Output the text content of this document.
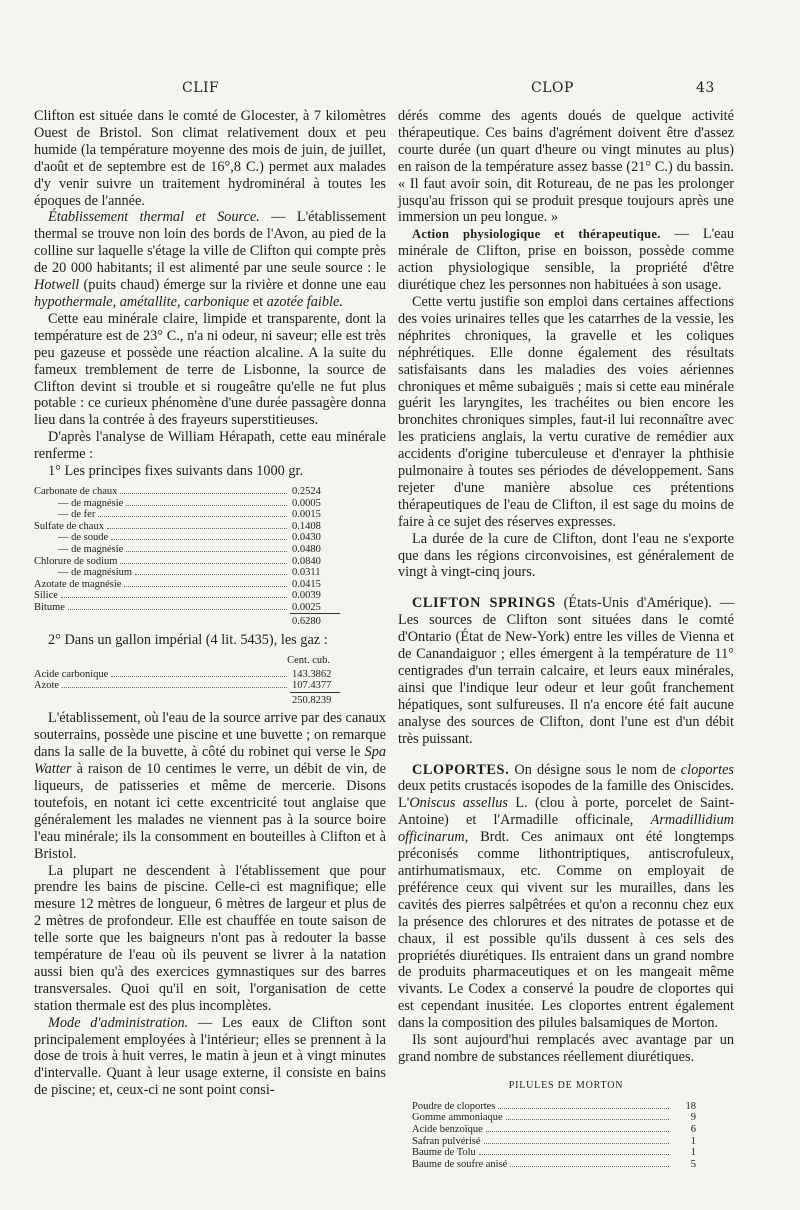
CLIF	CLOP	43

Clifton est située dans le comté de Glocester, à 7 kilomètres Ouest de Bristol. Son climat relativement doux et peu humide (la température moyenne des mois de juin, de juillet, d'août et de septembre est de 16°,8 C.) permet aux malades d'y venir suivre un traitement hydrominéral à toutes les époques de l'année.

Établissement thermal et Source. — L'établissement thermal se trouve non loin des bords de l'Avon, au pied de la colline sur laquelle s'étage la ville de Clifton qui compte près de 20 000 habitants; il est alimenté par une seule source : le Hotwell (puits chaud) émerge sur la rivière et donne une eau hypothermale, amétallite, carbonique et azotée faible.

Cette eau minérale claire, limpide et transparente, dont la température est de 23° C., n'a ni odeur, ni saveur; elle est très peu gazeuse et possède une réaction alcaline. A la suite du fameux tremblement de terre de Lisbonne, la source de Clifton devint si trouble et si rougeâtre qu'elle ne fut plus potable : ce curieux phénomène d'une durée passagère donna lieu dans la contrée à des frayeurs superstitieuses.

D'après l'analyse de William Hérapath, cette eau minérale renferme :

1° Les principes fixes suivants dans 1000 gr.

Carbonate de chaux	0.2524
— de magnésie	0.0005
— de fer	0.0015
Sulfate de chaux	0.1408
— de soude	0.0430
— de magnésie	0.0480
Chlorure de sodium	0.0840
— de magnésium	0.0311
Azotate de magnésie	0.0415
Silice	0.0039
Bitume	0.0025
0.6280

2° Dans un gallon impérial (4 lit. 5435), les gaz :

Cent. cub.
Acide carbonique	143.3862
Azote	107.4377
250.8239

L'établissement, où l'eau de la source arrive par des canaux souterrains, possède une piscine et une buvette ; on remarque dans la salle de la buvette, à côté du robinet qui verse le Spa Watter à raison de 10 centimes le verre, un débit de vin, de liqueurs, de patisseries et même de mercerie. Disons toutefois, en notant ici cette excentricité tout anglaise que généralement les malades ne viennent pas à la source boire l'eau minérale; ils la consomment en bouteilles à Clifton et à Bristol.

La plupart ne descendent à l'établissement que pour prendre les bains de piscine. Celle-ci est magnifique; elle mesure 12 mètres de longueur, 6 mètres de largeur et plus de 2 mètres de profondeur. Elle est chauffée en toute saison de telle sorte que les baigneurs n'ont pas à redouter la basse température de l'eau où ils peuvent se livrer à la natation aussi bien qu'à des exercices gymnastiques sur des barres transversales. Quoi qu'il en soit, l'organisation de cette station thermale est des plus incomplètes.

Mode d'administration. — Les eaux de Clifton sont principalement employées à l'intérieur; elles se prennent à la dose de trois à huit verres, le matin à jeun et à vingt minutes d'intervalle. Quant à leur usage externe, il consiste en bains de piscine; et, ceux-ci ne sont point consi-

dérés comme des agents doués de quelque activité thérapeutique. Ces bains d'agrément doivent être d'assez courte durée (un quart d'heure ou vingt minutes au plus) en raison de la température assez basse (21° C.) du bassin. « Il faut avoir soin, dit Rotureau, de ne pas les prolonger jusqu'au frisson qui se produit presque toujours après une immersion un peu longue. »

Action physiologique et thérapeutique. — L'eau minérale de Clifton, prise en boisson, possède comme action physiologique sensible, la propriété d'être diurétique chez les personnes non habituées à son usage.

Cette vertu justifie son emploi dans certaines affections des voies urinaires telles que les catarrhes de la vessie, les néphrites chroniques, la gravelle et les coliques néphrétiques. Elle donne également des résultats satisfaisants dans les maladies des voies aériennes chroniques et même subaiguës ; mais si cette eau minérale guérit les laryngites, les trachéites ou bien encore les bronchites chroniques simples, faut-il lui reconnaître avec les praticiens anglais, la vertu curative de remédier aux accidents d'origine tuberculeuse et d'enrayer la phthisie pulmonaire à toutes ses périodes de développement. Sans rejeter d'une manière absolue ces prétentions thérapeutiques de l'eau de Clifton, il est sage du moins de faire à ce sujet des réserves expresses.

La durée de la cure de Clifton, dont l'eau ne s'exporte que dans les régions circonvoisines, est généralement de vingt à vingt-cinq jours.

CLIFTON SPRINGS (États-Unis d'Amérique). — Les sources de Clifton sont situées dans le comté d'Ontario (État de New-York) entre les villes de Vienna et de Canandaiguor ; elles émergent à la température de 11° centigrades d'un terrain calcaire, et leurs eaux minérales, ainsi que l'indique leur odeur et leur goût franchement hépatiques, sont sulfureuses. Il n'a encore été fait aucune analyse des sources de Clifton, dont l'une est d'un débit très puissant.

CLOPORTES. On désigne sous le nom de cloportes deux petits crustacés isopodes de la famille des Oniscides. L'Oniscus assellus L. (clou à porte, porcelet de Saint-Antoine) et l'Armadille officinale, Armadillidium officinarum, Brdt. Ces animaux ont été longtemps préconisés comme lithontriptiques, antiscrofuleux, antirhumatismaux, etc. Comme on employait de préférence ceux qui vivent sur les murailles, dans les cavités des pierres salpêtrées et qu'on a reconnu chez eux la présence des chlorures et des nitrates de potasse et de chaux, il est possible qu'ils dussent à ces sels des propriétés diurétiques. Ils entraient dans un grand nombre de produits pharmaceutiques et on les mangeait même vivants. Le Codex a conservé la poudre de cloportes qui est cependant inusitée. Les cloportes entrent également dans la composition des pilules balsamiques de Morton.

Ils sont aujourd'hui remplacés avec avantage par un grand nombre de substances réellement diurétiques.

PILULES DE MORTON
Poudre de cloportes	18
Gomme ammoniaque	9
Acide benzoïque	6
Safran pulvérisé	1
Baume de Tolu	1
Baume de soufre anisé	5
